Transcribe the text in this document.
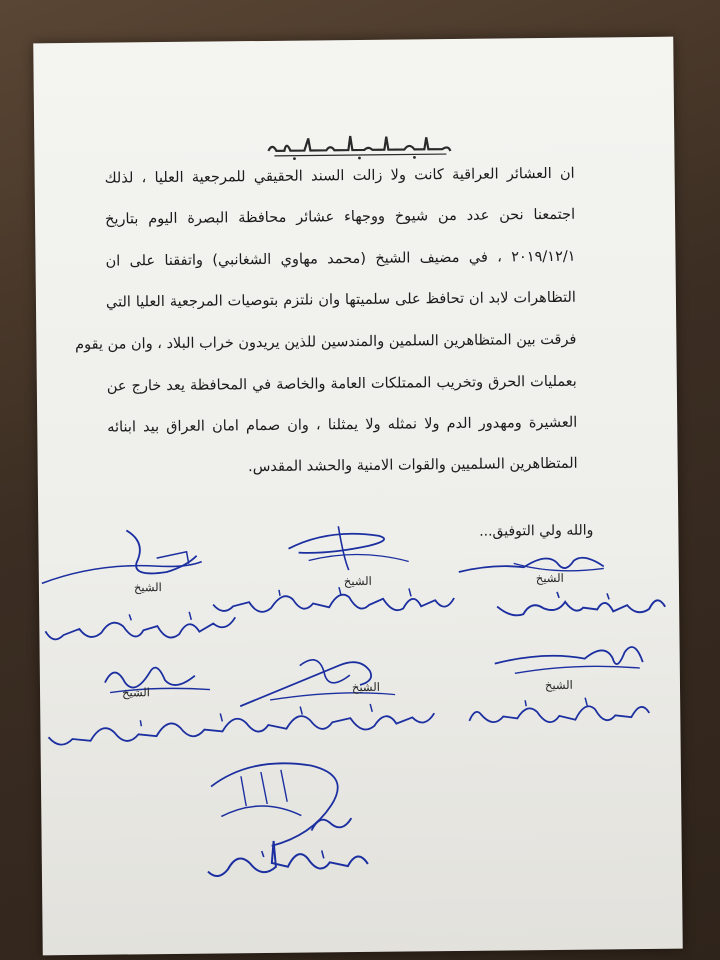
ان العشائر العراقية كانت ولا زالت السند الحقيقي للمرجعية العليا ، لذلك
اجتمعنا نحن عدد من شيوخ ووجهاء عشائر محافظة البصرة اليوم بتاريخ
٢٠١٩/١٢/١ ، في مضيف الشيخ (محمد مهاوي الشغانبي) واتفقنا على ان
التظاهرات لابد ان تحافظ على سلميتها وان نلتزم بتوصيات المرجعية العليا التي
فرقت بين المتظاهرين السلمين والمندسين للذين يريدون خراب البلاد ، وان من يقوم
بعمليات الحرق وتخريب الممتلكات العامة والخاصة في المحافظة يعد خارج عن
العشيرة ومهدور الدم ولا نمثله ولا يمثلنا ، وان صمام امان العراق بيد ابنائه
المتظاهرين السلميين والقوات الامنية والحشد المقدس.
والله ولي التوفيق...
الشيخ
الشيخ
الشيخ
الشيخ
الشيخ
الشيخ
